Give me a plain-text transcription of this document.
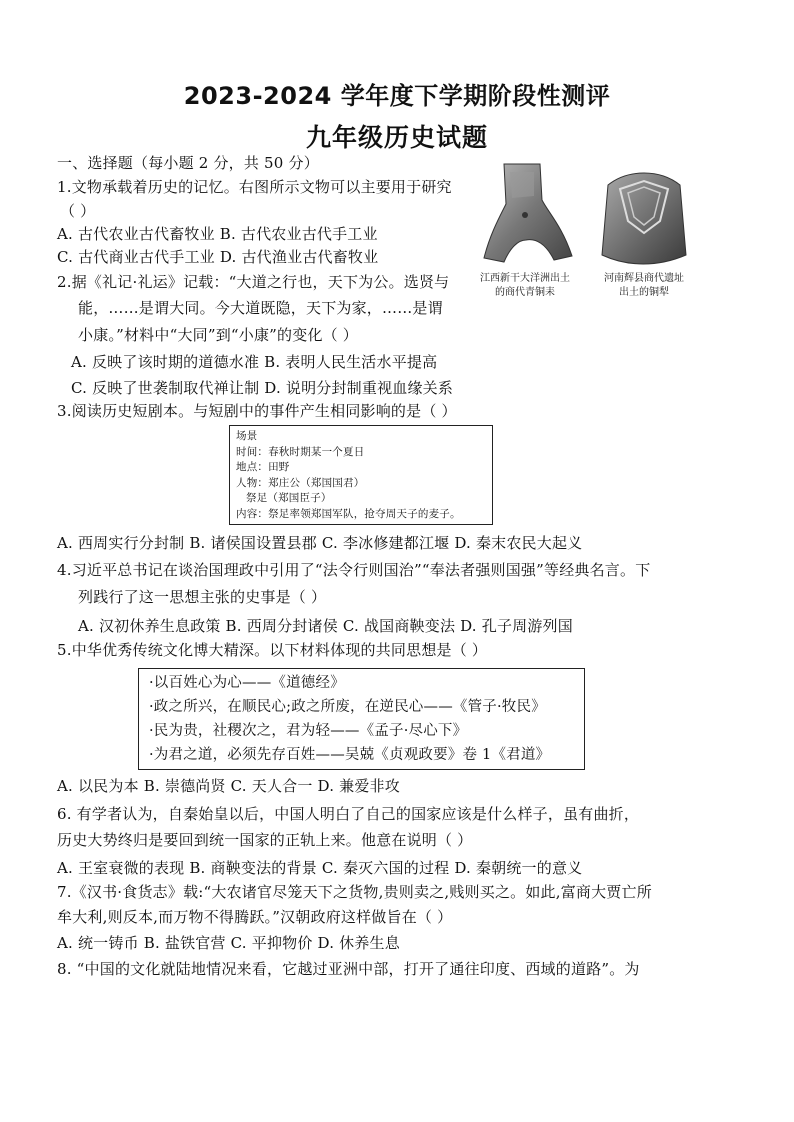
2023-2024 学年度下学期阶段性测评
九年级历史试题
一、选择题（每小题 2 分，共 50 分）
江西新干大洋洲出土
的商代青铜耒
河南辉县商代遗址
出土的铜犁
1.文物承载着历史的记忆。右图所示文物可以主要用于研究
（ ）
A. 古代农业古代畜牧业 B. 古代农业古代手工业
C. 古代商业古代手工业 D. 古代渔业古代畜牧业
2.据《礼记·礼运》记载：“大道之行也，天下为公。选贤与
能，……是谓大同。今大道既隐，天下为家，……是谓
小康。”材料中“大同”到“小康”的变化（ ）
A. 反映了该时期的道德水准 B. 表明人民生活水平提高
C. 反映了世袭制取代禅让制 D. 说明分封制重视血缘关系
3.阅读历史短剧本。与短剧中的事件产生相同影响的是（ ）
场景
时间：春秋时期某一个夏日
地点：田野
人物：郑庄公（郑国国君）
祭足（郑国臣子）
内容：祭足率领郑国军队，抢夺周天子的麦子。
A. 西周实行分封制 B. 诸侯国设置县郡 C. 李冰修建都江堰 D. 秦末农民大起义
4.习近平总书记在谈治国理政中引用了“法令行则国治”“奉法者强则国强”等经典名言。下
列践行了这一思想主张的史事是（ ）
A. 汉初休养生息政策 B. 西周分封诸侯 C. 战国商鞅变法 D. 孔子周游列国
5.中华优秀传统文化博大精深。以下材料体现的共同思想是（ ）
·以百姓心为心——《道德经》
·政之所兴，在顺民心;政之所废，在逆民心——《管子·牧民》
·民为贵，社稷次之，君为轻——《孟子·尽心下》
·为君之道，必须先存百姓——吴兢《贞观政要》卷 1《君道》
A. 以民为本 B. 崇德尚贤 C. 天人合一 D. 兼爱非攻
6. 有学者认为，自秦始皇以后，中国人明白了自己的国家应该是什么样子，虽有曲折，
历史大势终归是要回到统一国家的正轨上来。他意在说明（ ）
A. 王室衰微的表现 B. 商鞅变法的背景 C. 秦灭六国的过程 D. 秦朝统一的意义
7.《汉书·食货志》载:“大农诸官尽笼天下之货物,贵则卖之,贱则买之。如此,富商大贾亡所
牟大利,则反本,而万物不得腾跃。”汉朝政府这样做旨在（ ）
A. 统一铸币 B. 盐铁官营 C. 平抑物价 D. 休养生息
8. “中国的文化就陆地情况来看，它越过亚洲中部，打开了通往印度、西域的道路”。为
